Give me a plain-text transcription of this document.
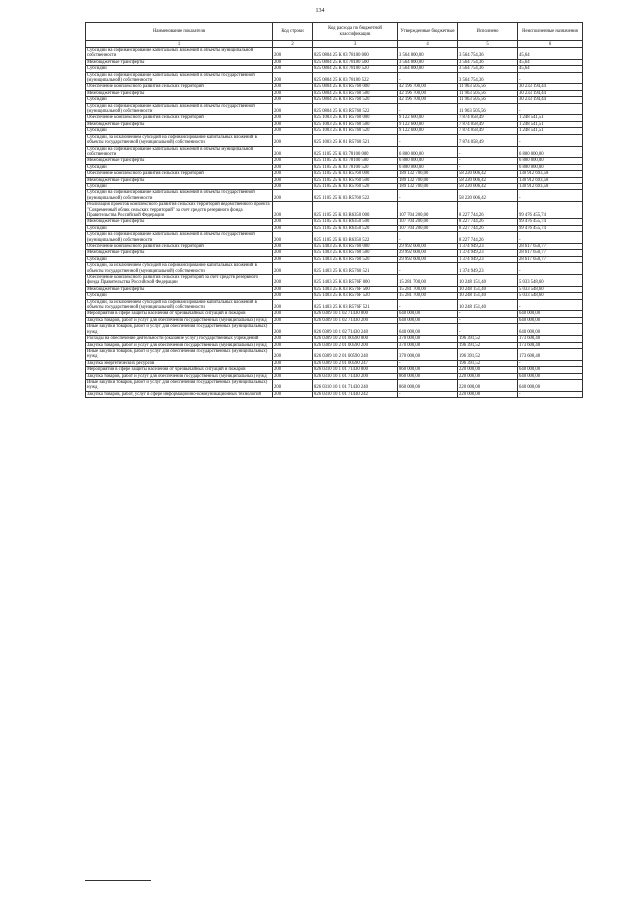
134
Наименование показателя	Код строки	Код расхода по бюджетной классификации	Утвержденные бюджетные	Исполнено	Неисполненные назначения
1	2	3	4	5	6
Субсидии на софинансирование капитальных вложений в объекты муниципальной собственности	200	825 0804 25 К 03 78100 000	3 564 800,00	3 564 754,36	45,64
Межбюджетные трансферты	200	825 0804 25 К 03 78100 500	3 564 800,00	3 564 754,36	45,64
Субсидии	200	825 0804 25 К 03 78100 520	3 564 800,00	3 564 754,36	45,64
Субсидии на софинансирование капитальных вложений в объекты государственной (муниципальной) собственности	200	825 0804 25 К 03 78100 522	-	3 564 754,36	-
Обеспечение комплексного развития сельских территорий	200	825 0804 25 К 03 R5760 000	42 196 700,00	11 963 505,56	30 233 194,44
Межбюджетные трансферты	200	825 0804 25 К 03 R5760 500	42 196 700,00	11 963 505,56	30 233 194,44
Субсидии	200	825 0804 25 К 03 R5760 520	42 196 700,00	11 963 505,56	30 233 194,44
Субсидии на софинансирование капитальных вложений в объекты государственной (муниципальной) собственности	200	825 0804 25 К 03 R5760 522	-	11 963 505,56	-
Обеспечение комплексного развития сельских территорий	200	825 1003 25 К 01 R5760 000	9 122 600,00	7 874 058,49	1 248 541,51
Межбюджетные трансферты	200	825 1003 25 К 01 R5760 500	9 122 600,00	7 874 058,49	1 248 541,51
Субсидии	200	825 1003 25 К 01 R5760 520	9 122 600,00	7 874 058,49	1 248 541,51
Субсидии, за исключением субсидий на софинансирование капитальных вложений в объекты государственной (муниципальной) собственности	200	825 1003 25 К 01 R5760 521	-	7 874 058,49	-
Субсидии на софинансирование капитальных вложений в объекты муниципальной собственности	200	825 1105 25 К 03 78100 000	6 800 000,00	-	6 800 000,00
Межбюджетные трансферты	200	825 1105 25 К 03 78100 500	6 800 000,00	-	6 800 000,00
Субсидии	200	825 1105 25 К 03 78100 520	6 800 000,00	-	6 800 000,00
Обеспечение комплексного развития сельских территорий	200	825 1105 25 К 03 R5760 000	189 132 700,00	58 220 006,42	130 912 693,58
Межбюджетные трансферты	200	825 1105 25 К 03 R5760 500	189 132 700,00	58 220 006,42	130 912 693,58
Субсидии	200	825 1105 25 К 03 R5760 520	189 132 700,00	58 220 006,42	130 912 693,58
Субсидии на софинансирование капитальных вложений в объекты государственной (муниципальной) собственности	200	825 1105 25 К 03 R5760 522	-	58 220 006,42	-
Реализация проектов комплексного развития сельских территорий ведомственного проекта "Современный облик сельских территорий" за счет средств резервного фонда Правительства Российской Федерации	200	825 1105 25 К 03 R6350 000	107 704 200,00	8 227 744,26	99 476 455,74
Межбюджетные трансферты	200	825 1105 25 К 03 R6350 500	107 704 200,00	8 227 744,26	99 476 455,74
Субсидии	200	825 1105 25 К 03 R6350 520	107 704 200,00	8 227 744,26	99 476 455,74
Субсидии на софинансирование капитальных вложений в объекты государственной (муниципальной) собственности	200	825 1105 25 К 03 R6350 522	-	8 227 744,26	-
Обеспечение комплексного развития сельских территорий	200	825 1403 25 К 03 R5760 000	29 992 600,00	1 374 949,23	28 617 650,77
Межбюджетные трансферты	200	825 1403 25 К 03 R5760 500	29 992 600,00	1 374 949,23	28 617 650,77
Субсидии	200	825 1403 25 К 03 R5760 520	29 992 600,00	1 374 949,23	28 617 650,77
Субсидии, за исключением субсидий на софинансирование капитальных вложений в объекты государственной (муниципальной) собственности	200	825 1403 25 К 03 R5760 521	-	1 374 949,23	-
Обеспечение комплексного развития сельских территорий за счет средств резервного фонда Правительства Российской Федерации	200	825 1403 25 К 03 R576F 000	15 281 700,00	10 248 151,40	5 033 548,60
Межбюджетные трансферты	200	825 1403 25 К 03 R576F 500	15 281 700,00	10 248 151,40	5 033 548,60
Субсидии	200	825 1403 25 К 03 R576F 520	15 281 700,00	10 248 151,40	5 033 548,60
Субсидии, за исключением субсидий на софинансирование капитальных вложений в объекты государственной (муниципальной) собственности	200	825 1403 25 К 03 R576F 521	-	10 248 151,40	-
Мероприятия в сфере защиты населения от чрезвычайных ситуаций и пожаров	200	826 0309 10 1 02 71430 000	640 000,00	-	640 000,00
Закупка товаров, работ и услуг для обеспечения государственных (муниципальных) нужд	200	826 0309 10 1 02 71430 200	640 000,00	-	640 000,00
Иные закупки товаров, работ и услуг для обеспечения государственных (муниципальных) нужд	200	826 0309 10 1 02 71430 240	640 000,00	-	640 000,00
Расходы на обеспечение деятельности (оказание услуг) государственных учреждений	200	826 0309 10 2 01 00590 000	370 000,00	196 391,52	173 608,48
Закупка товаров, работ и услуг для обеспечения государственных (муниципальных) нужд	200	826 0309 10 2 01 00590 200	370 000,00	196 391,52	173 608,48
Иные закупки товаров, работ и услуг для обеспечения государственных (муниципальных) нужд	200	826 0309 10 2 01 00590 240	370 000,00	196 391,52	173 608,48
Закупка энергетических ресурсов	200	826 0309 10 2 01 00590 247	-	196 391,52	-
Мероприятия в сфере защиты населения от чрезвычайных ситуаций и пожаров	200	826 0310 10 1 01 71430 000	860 000,00	220 000,00	640 000,00
Закупка товаров, работ и услуг для обеспечения государственных (муниципальных) нужд	200	826 0310 10 1 01 71430 200	860 000,00	220 000,00	640 000,00
Иные закупки товаров, работ и услуг для обеспечения государственных (муниципальных) нужд	200	826 0310 10 1 01 71430 240	860 000,00	220 000,00	640 000,00
Закупка товаров, работ, услуг в сфере информационно-коммуникационных технологий	200	826 0310 10 1 01 71430 242	-	220 000,00	-
